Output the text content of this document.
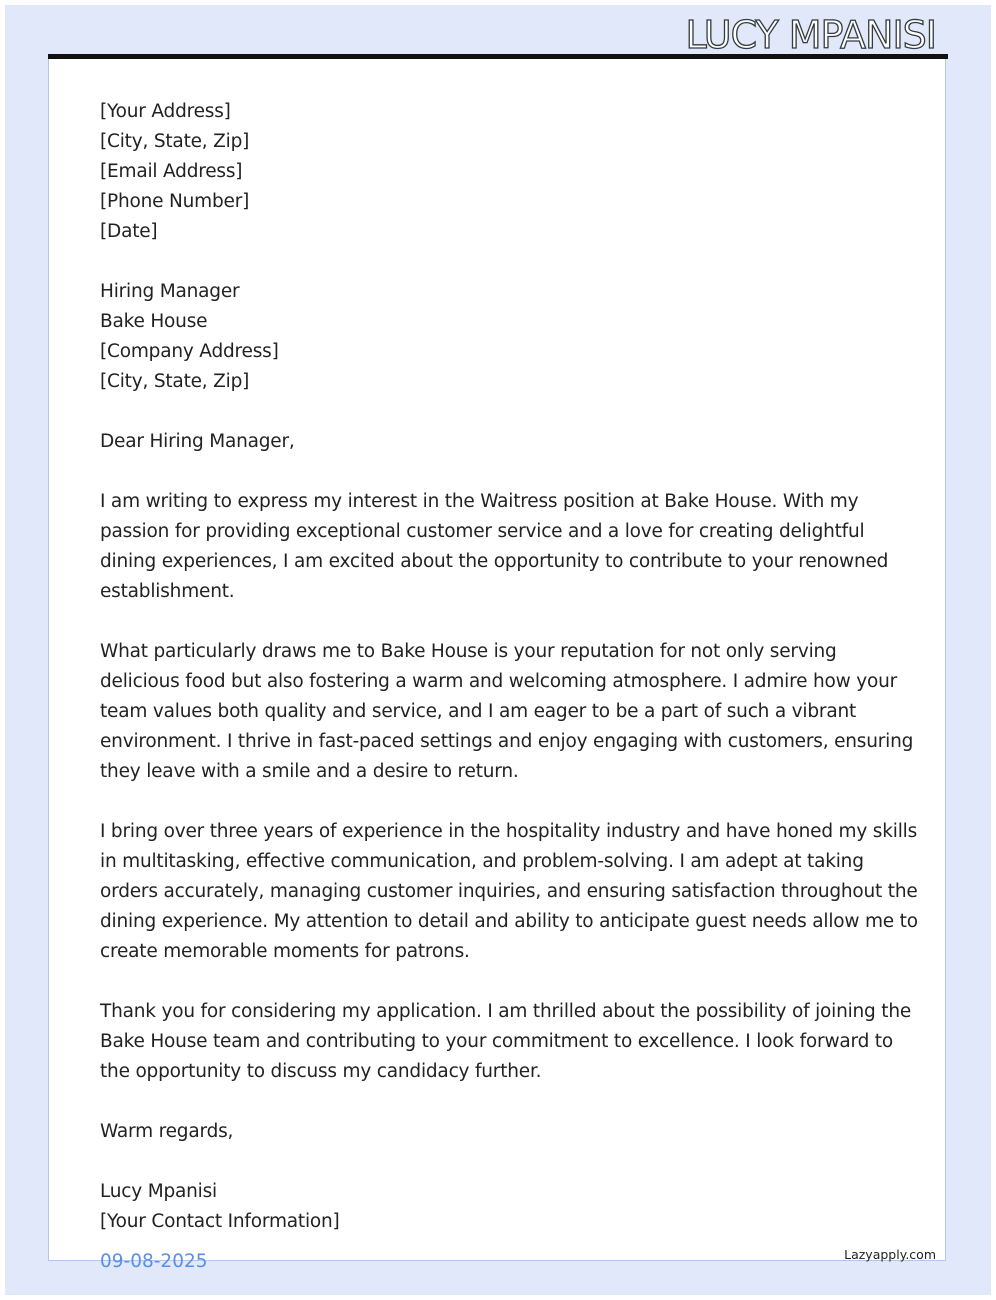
LUCY MPANISI
[Your Address]
[City, State, Zip]
[Email Address]
[Phone Number]
[Date]
Hiring Manager
Bake House
[Company Address]
[City, State, Zip]
Dear Hiring Manager,
I am writing to express my interest in the Waitress position at Bake House. With my
passion for providing exceptional customer service and a love for creating delightful
dining experiences, I am excited about the opportunity to contribute to your renowned
establishment.
What particularly draws me to Bake House is your reputation for not only serving
delicious food but also fostering a warm and welcoming atmosphere. I admire how your
team values both quality and service, and I am eager to be a part of such a vibrant
environment. I thrive in fast-paced settings and enjoy engaging with customers, ensuring
they leave with a smile and a desire to return.
I bring over three years of experience in the hospitality industry and have honed my skills
in multitasking, effective communication, and problem-solving. I am adept at taking
orders accurately, managing customer inquiries, and ensuring satisfaction throughout the
dining experience. My attention to detail and ability to anticipate guest needs allow me to
create memorable moments for patrons.
Thank you for considering my application. I am thrilled about the possibility of joining the
Bake House team and contributing to your commitment to excellence. I look forward to
the opportunity to discuss my candidacy further.
Warm regards,
Lucy Mpanisi
[Your Contact Information]
09-08-2025	Lazyapply.com
